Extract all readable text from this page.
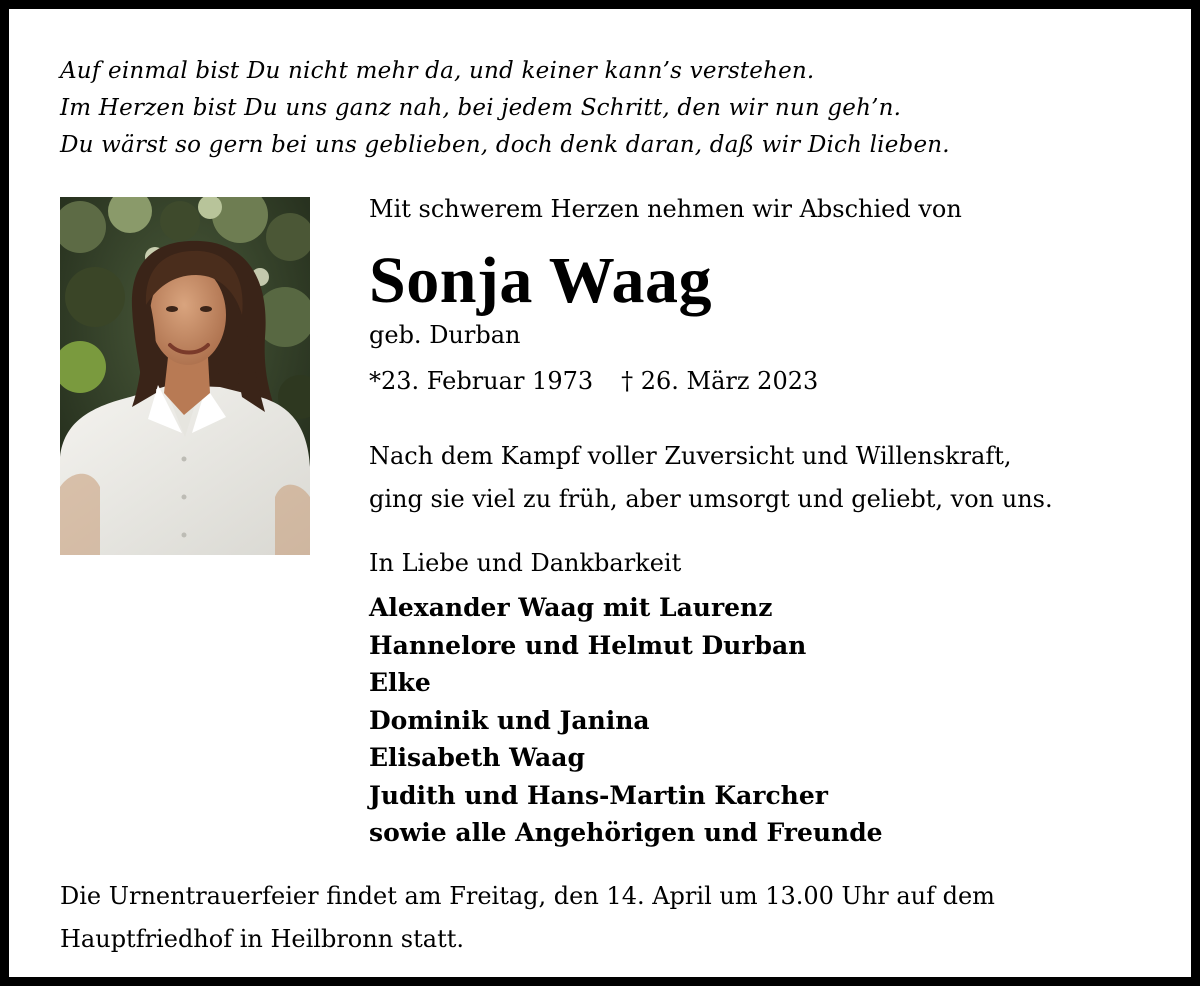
Auf einmal bist Du nicht mehr da, und keiner kann’s verstehen.
Im Herzen bist Du uns ganz nah, bei jedem Schritt, den wir nun geh’n.
Du wärst so gern bei uns geblieben, doch denk daran, daß wir Dich lieben.
Mit schwerem Herzen nehmen wir Abschied von
Sonja Waag
geb. Durban
*23. Februar 1973 † 26. März 2023
Nach dem Kampf voller Zuversicht und Willenskraft,
ging sie viel zu früh, aber umsorgt und geliebt, von uns.
In Liebe und Dankbarkeit
Alexander Waag mit Laurenz
Hannelore und Helmut Durban
Elke
Dominik und Janina
Elisabeth Waag
Judith und Hans-Martin Karcher
sowie alle Angehörigen und Freunde
Die Urnentrauerfeier findet am Freitag, den 14. April um 13.00 Uhr auf dem
Hauptfriedhof in Heilbronn statt.
